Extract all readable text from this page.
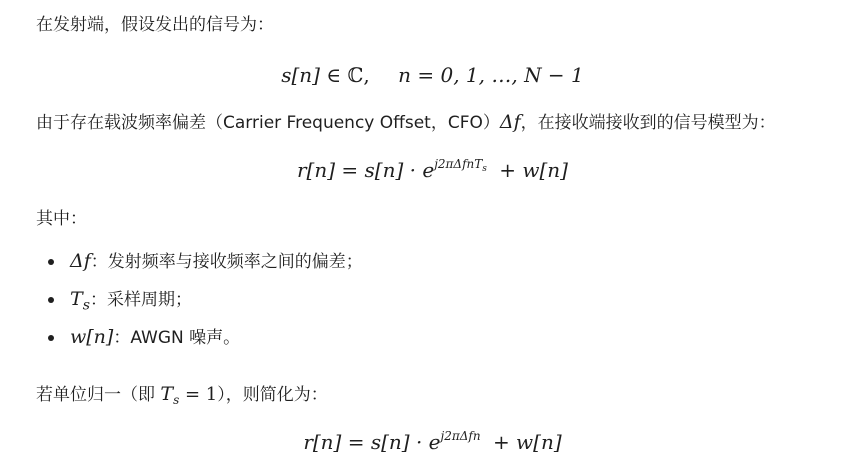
在发射端，假设发出的信号为：
s[n] ∈ ℂ, n = 0, 1, …, N − 1
由于存在载波频率偏差（Carrier Frequency Offset，CFO）Δf，在接收端接收到的信号模型为：
$r[n] = s[n] \cdot e^{j2\pi\Delta fnT_s} + w[n]$
其中：
Δf：发射频率与接收频率之间的偏差；
$T_s$：采样周期；
w[n]：AWGN 噪声。
若单位归一（即 $T_s = 1$），则简化为：
$r[n] = s[n] \cdot e^{j2\pi\Delta fn} + w[n]$
